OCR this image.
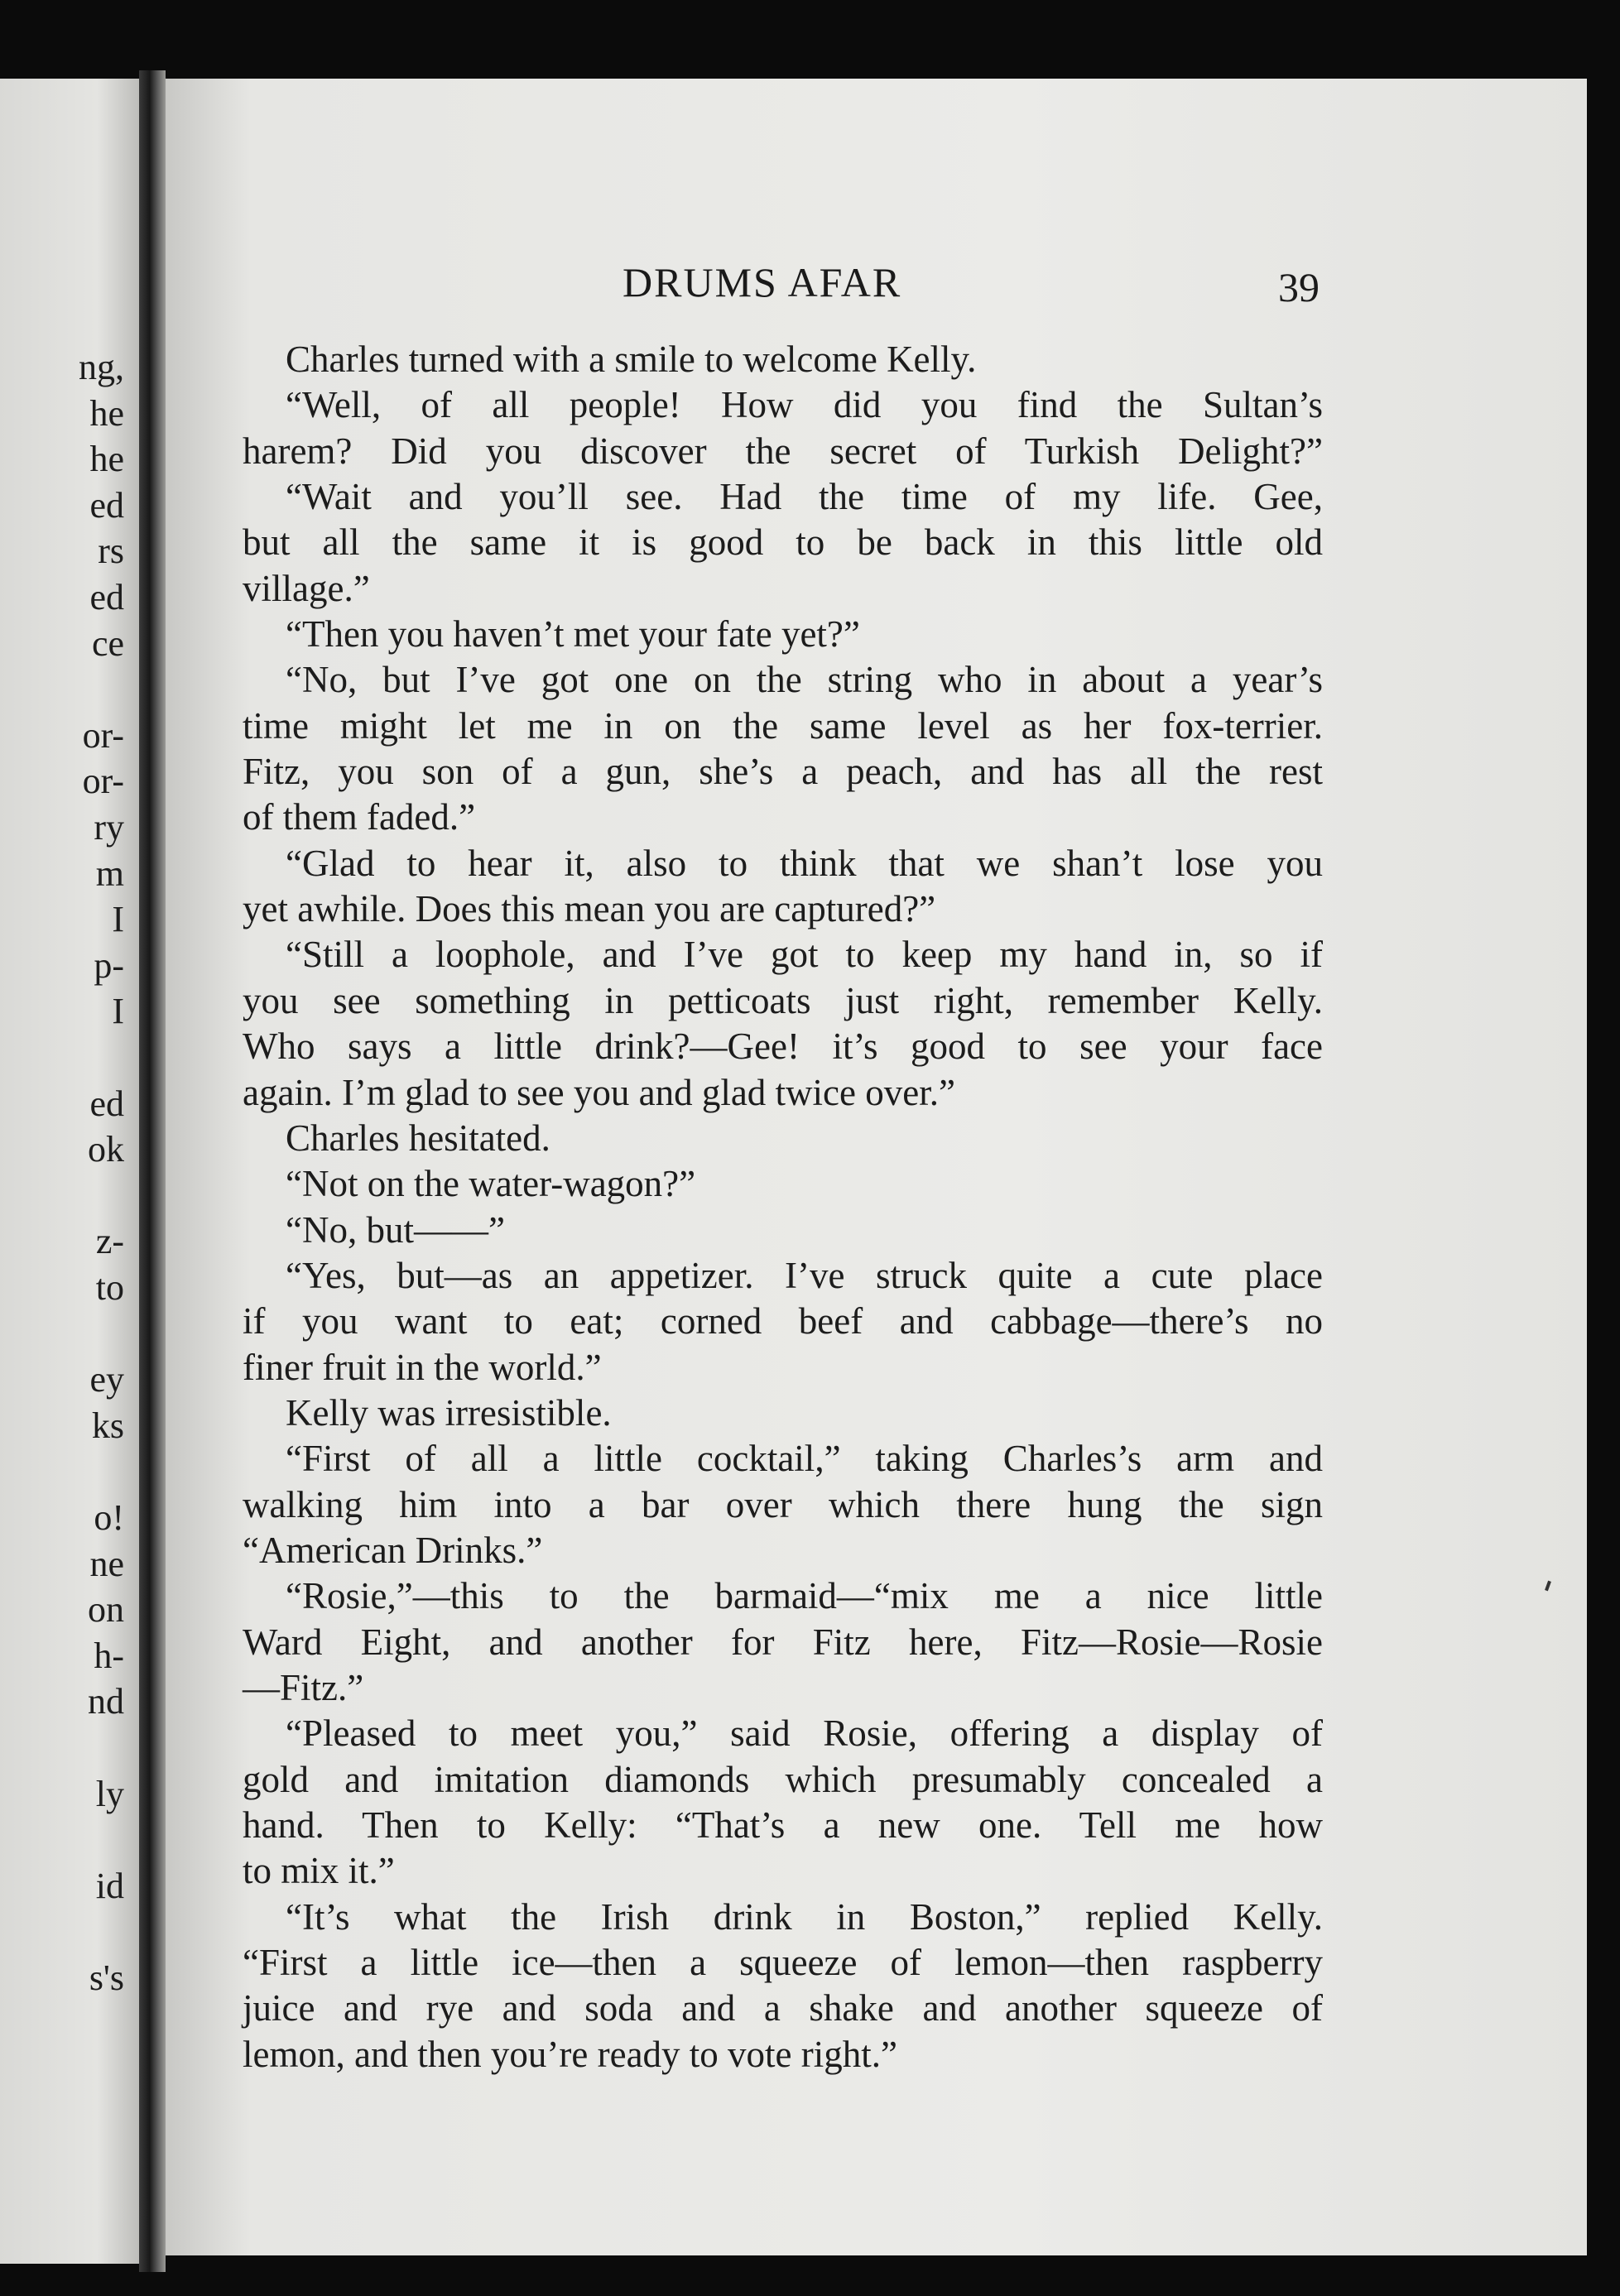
ng,
he
he
ed
rs
ed
ce
or-
or-
ry
m
I
p-
I
ed
ok
z-
to
ey
ks
o!
ne
on
h-
nd
ly
id
s's
DRUMS AFAR	39
Charles turned with a smile to welcome Kelly.
“Well, of all people! How did you find the Sultan’s
harem? Did you discover the secret of Turkish Delight?”
“Wait and you’ll see. Had the time of my life. Gee,
but all the same it is good to be back in this little old
village.”
“Then you haven’t met your fate yet?”
“No, but I’ve got one on the string who in about a year’s
time might let me in on the same level as her fox-terrier.
Fitz, you son of a gun, she’s a peach, and has all the rest
of them faded.”
“Glad to hear it, also to think that we shan’t lose you
yet awhile. Does this mean you are captured?”
“Still a loophole, and I’ve got to keep my hand in, so if
you see something in petticoats just right, remember Kelly.
Who says a little drink?—Gee! it’s good to see your face
again. I’m glad to see you and glad twice over.”
Charles hesitated.
“Not on the water-wagon?”
“No, but——”
“Yes, but—as an appetizer. I’ve struck quite a cute place
if you want to eat; corned beef and cabbage—there’s no
finer fruit in the world.”
Kelly was irresistible.
“First of all a little cocktail,” taking Charles’s arm and
walking him into a bar over which there hung the sign
“American Drinks.”
“Rosie,”—this to the barmaid—“mix me a nice little
Ward Eight, and another for Fitz here, Fitz—Rosie—Rosie
—Fitz.”
“Pleased to meet you,” said Rosie, offering a display of
gold and imitation diamonds which presumably concealed a
hand. Then to Kelly: “That’s a new one. Tell me how
to mix it.”
“It’s what the Irish drink in Boston,” replied Kelly.
“First a little ice—then a squeeze of lemon—then raspberry
juice and rye and soda and a shake and another squeeze of
lemon, and then you’re ready to vote right.”
